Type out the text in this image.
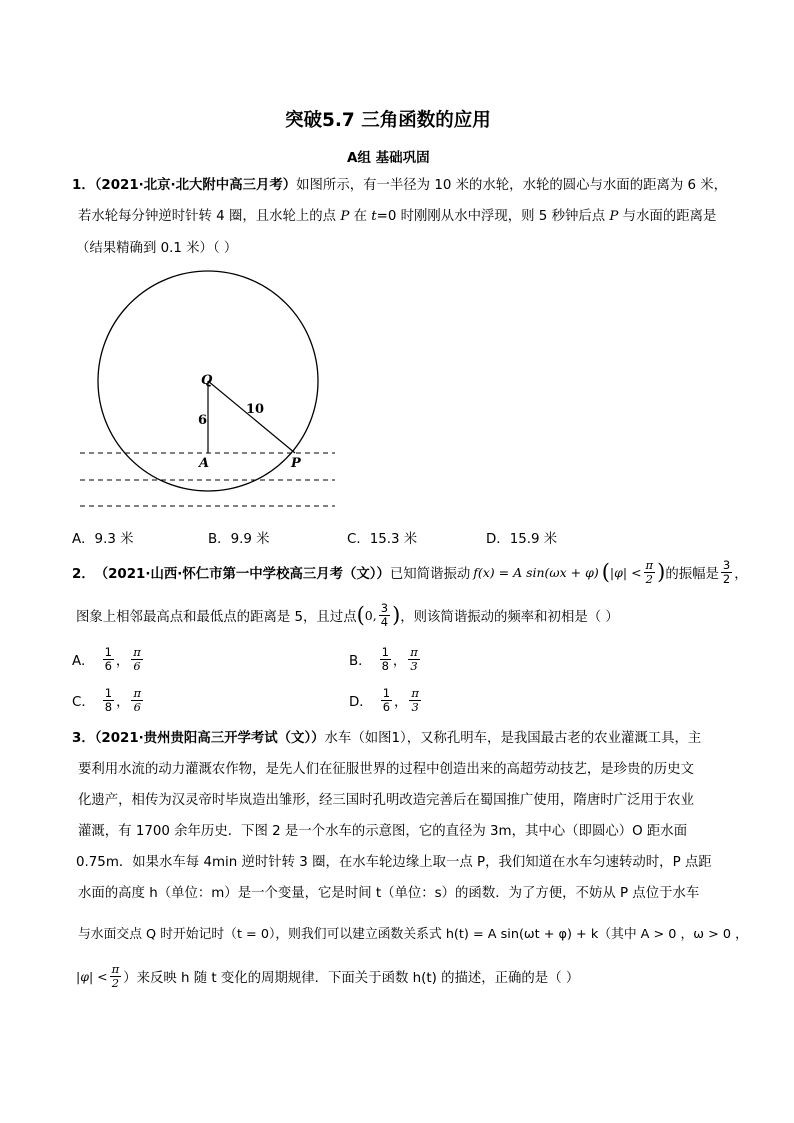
突破5.7 三角函数的应用
A组 基础巩固
1．（2021·北京·北大附中高三月考）如图所示，有一半径为 10 米的水轮，水轮的圆心与水面的距离为 6 米，
若水轮每分钟逆时针转 4 圈，且水轮上的点 P 在 t=0 时刚刚从水中浮现，则 5 秒钟后点 P 与水面的距离是
（结果精确到 0.1 米）（ ）
Q
A	P
6
10
A．9.3 米	B．9.9 米	C．15.3 米	D．15.9 米
2． （2021·山西·怀仁市第一中学校高三月考（文）） 已知简谐振动 f(x) = A sin(ωx + φ) ( $|\varphi| < \frac{\pi}{2}$ ) 的振幅是 $\frac{3}{2}$ ，
图象上相邻最高点和最低点的距离是 5，且过点 ( 0, $\frac{3}{4}$ ) ，则该简谐振动的频率和初相是（ ）
A． $\frac{1}{6}$ ， $\frac{\pi}{6}$	B． $\frac{1}{8}$ ， $\frac{\pi}{3}$
C． $\frac{1}{8}$ ， $\frac{\pi}{6}$	D． $\frac{1}{6}$ ， $\frac{\pi}{3}$
3．（2021·贵州贵阳高三开学考试（文））水车（如图1），又称孔明车，是我国最古老的农业灌溉工具，主
要利用水流的动力灌溉农作物，是先人们在征服世界的过程中创造出来的高超劳动技艺，是珍贵的历史文
化遗产，相传为汉灵帝时毕岚造出雏形，经三国时孔明改造完善后在蜀国推广使用，隋唐时广泛用于农业
灌溉，有 1700 余年历史．下图 2 是一个水车的示意图，它的直径为 3m，其中心（即圆心）O 距水面
0.75m．如果水车每 4min 逆时针转 3 圈，在水车轮边缘上取一点 P，我们知道在水车匀速转动时，P 点距
水面的高度 h（单位：m）是一个变量，它是时间 t（单位：s）的函数．为了方便，不妨从 P 点位于水车
与水面交点 Q 时开始记时（t = 0），则我们可以建立函数关系式 h(t) = A sin(ωt + φ) + k（其中 A > 0 ，ω > 0 ，
$|\varphi| < \frac{\pi}{2}$ ）来反映 h 随 t 变化的周期规律．下面关于函数 h(t) 的描述，正确的是（ ）
